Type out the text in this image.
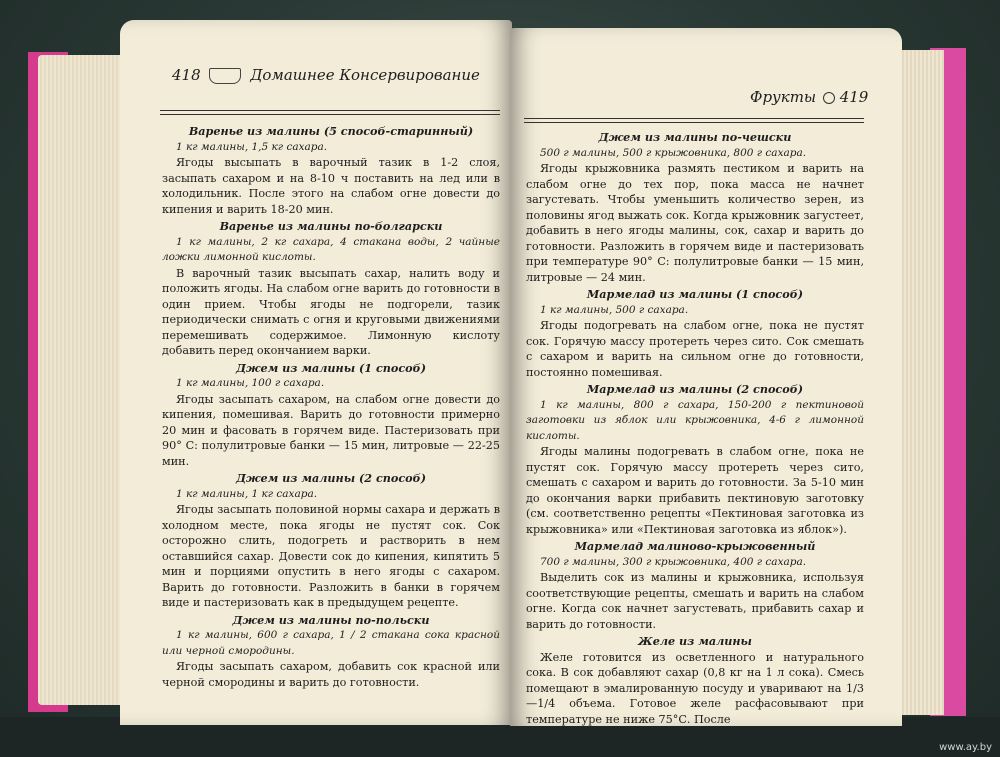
418	Домашнее Консервирование

Варенье из малины (5 способ-старинный)

1 кг малины, 1,5 кг сахара.

Ягоды высыпать в варочный тазик в 1-2 слоя, засыпать сахаром и на 8-10 ч поставить на лед или в холодильник. После этого на слабом огне довести до кипения и варить 18-20 мин.

Варенье из малины по-болгарски

1 кг малины, 2 кг сахара, 4 стакана воды, 2 чайные ложки лимонной кислоты.

В варочный тазик высыпать сахар, налить воду и положить ягоды. На слабом огне варить до готовности в один прием. Чтобы ягоды не подгорели, тазик периодически снимать с огня и круговыми движениями перемешивать содержимое. Лимонную кислоту добавить перед окончанием варки.

Джем из малины (1 способ)

1 кг малины, 100 г сахара.

Ягоды засыпать сахаром, на слабом огне довести до кипения, помешивая. Варить до готовности примерно 20 мин и фасовать в горячем виде. Пастеризовать при 90° С: полулитровые банки — 15 мин, литровые — 22-25 мин.

Джем из малины (2 способ)

1 кг малины, 1 кг сахара.

Ягоды засыпать половиной нормы сахара и держать в холодном месте, пока ягоды не пустят сок. Сок осторожно слить, подогреть и растворить в нем оставшийся сахар. Довести сок до кипения, кипятить 5 мин и порциями опустить в него ягоды с сахаром. Варить до готовности. Разложить в банки в горячем виде и пастеризовать как в предыдущем рецепте.

Джем из малины по-польски

1 кг малины, 600 г сахара, 1 / 2 стакана сока красной или черной смородины.

Ягоды засыпать сахаром, добавить сок красной или черной смородины и варить до готовности.

Фрукты 419

Джем из малины по-чешски

500 г малины, 500 г крыжовника, 800 г сахара.

Ягоды крыжовника размять пестиком и варить на слабом огне до тех пор, пока масса не начнет загустевать. Чтобы уменьшить количество зерен, из половины ягод выжать сок. Когда крыжовник загустеет, добавить в него ягоды малины, сок, сахар и варить до готовности. Разложить в горячем виде и пастеризовать при температуре 90° С: полулитровые банки — 15 мин, литровые — 24 мин.

Мармелад из малины (1 способ)

1 кг малины, 500 г сахара.

Ягоды подогревать на слабом огне, пока не пустят сок. Горячую массу протереть через сито. Сок смешать с сахаром и варить на сильном огне до готовности, постоянно помешивая.

Мармелад из малины (2 способ)

1 кг малины, 800 г сахара, 150-200 г пектиновой заготовки из яблок или крыжовника, 4-6 г лимонной кислоты.

Ягоды малины подогревать в слабом огне, пока не пустят сок. Горячую массу протереть через сито, смешать с сахаром и варить до готовности. За 5-10 мин до окончания варки прибавить пектиновую заготовку (см. соответственно рецепты «Пектиновая заготовка из крыжовника» или «Пектиновая заготовка из яблок»).

Мармелад малиново-крыжовенный

700 г малины, 300 г крыжовника, 400 г сахара.

Выделить сок из малины и крыжовника, используя соответствующие рецепты, смешать и варить на слабом огне. Когда сок начнет загустевать, прибавить сахар и варить до готовности.

Желе из малины

Желе готовится из осветленного и натурального сока. В сок добавляют сахар (0,8 кг на 1 л сока). Смесь помещают в эмалированную посуду и уваривают на 1/3—1/4 объема. Готовое желе расфасовывают при температуре не ниже 75°С. После

www.ay.by
